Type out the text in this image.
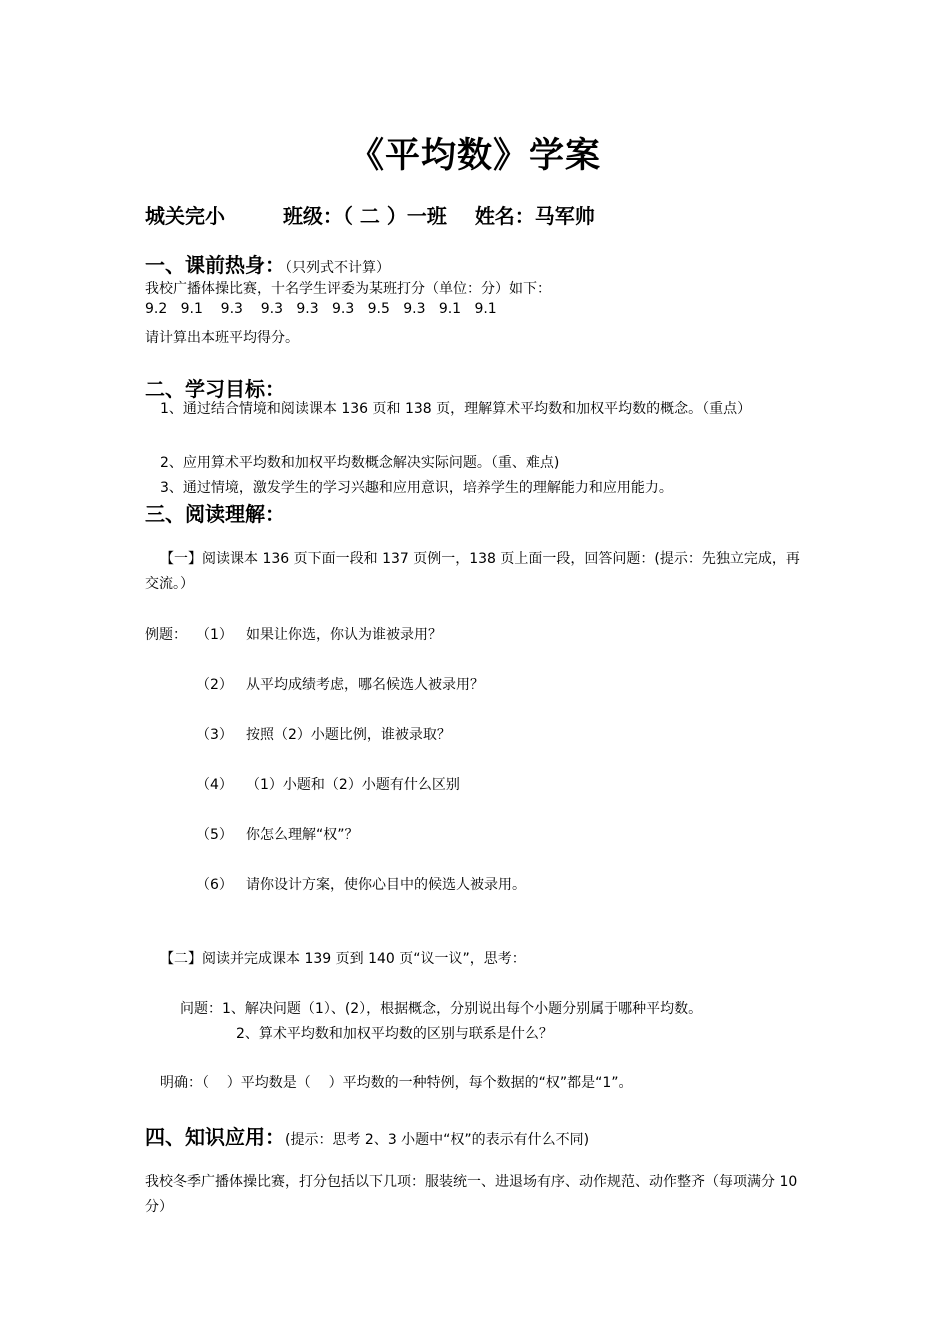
《平均数》学案
城关完小	班级：（ 二 ）一班 姓名：马军帅
一、课前热身：（只列式不计算）
我校广播体操比赛，十名学生评委为某班打分（单位：分）如下：
9.2   9.1    9.3    9.3   9.3   9.3   9.5   9.3   9.1   9.1
请计算出本班平均得分。
二、学习目标：
1、通过结合情境和阅读课本 136 页和 138 页，理解算术平均数和加权平均数的概念。（重点）
2、应用算术平均数和加权平均数概念解决实际问题。（重、难点)
3、通过情境，激发学生的学习兴趣和应用意识，培养学生的理解能力和应用能力。
三、阅读理解：
【一】阅读课本 136 页下面一段和 137 页例一，138 页上面一段，回答问题：(提示：先独立完成，再交流。）
例题： （1） 如果让你选，你认为谁被录用？
（2） 从平均成绩考虑，哪名候选人被录用？
（3） 按照（2）小题比例，谁被录取？
（4） （1）小题和（2）小题有什么区别
（5） 你怎么理解“权”？
（6） 请你设计方案，使你心目中的候选人被录用。
【二】阅读并完成课本 139 页到 140 页“议一议”，思考：
问题：1、解决问题（1）、(2），根据概念，分别说出每个小题分别属于哪种平均数。
2、算术平均数和加权平均数的区别与联系是什么？
明确：（    ）平均数是（    ）平均数的一种特例，每个数据的“权”都是“1”。
四、知识应用：(提示：思考 2、3 小题中“权”的表示有什么不同)
我校冬季广播体操比赛，打分包括以下几项：服装统一、进退场有序、动作规范、动作整齐（每项满分 10 分）
